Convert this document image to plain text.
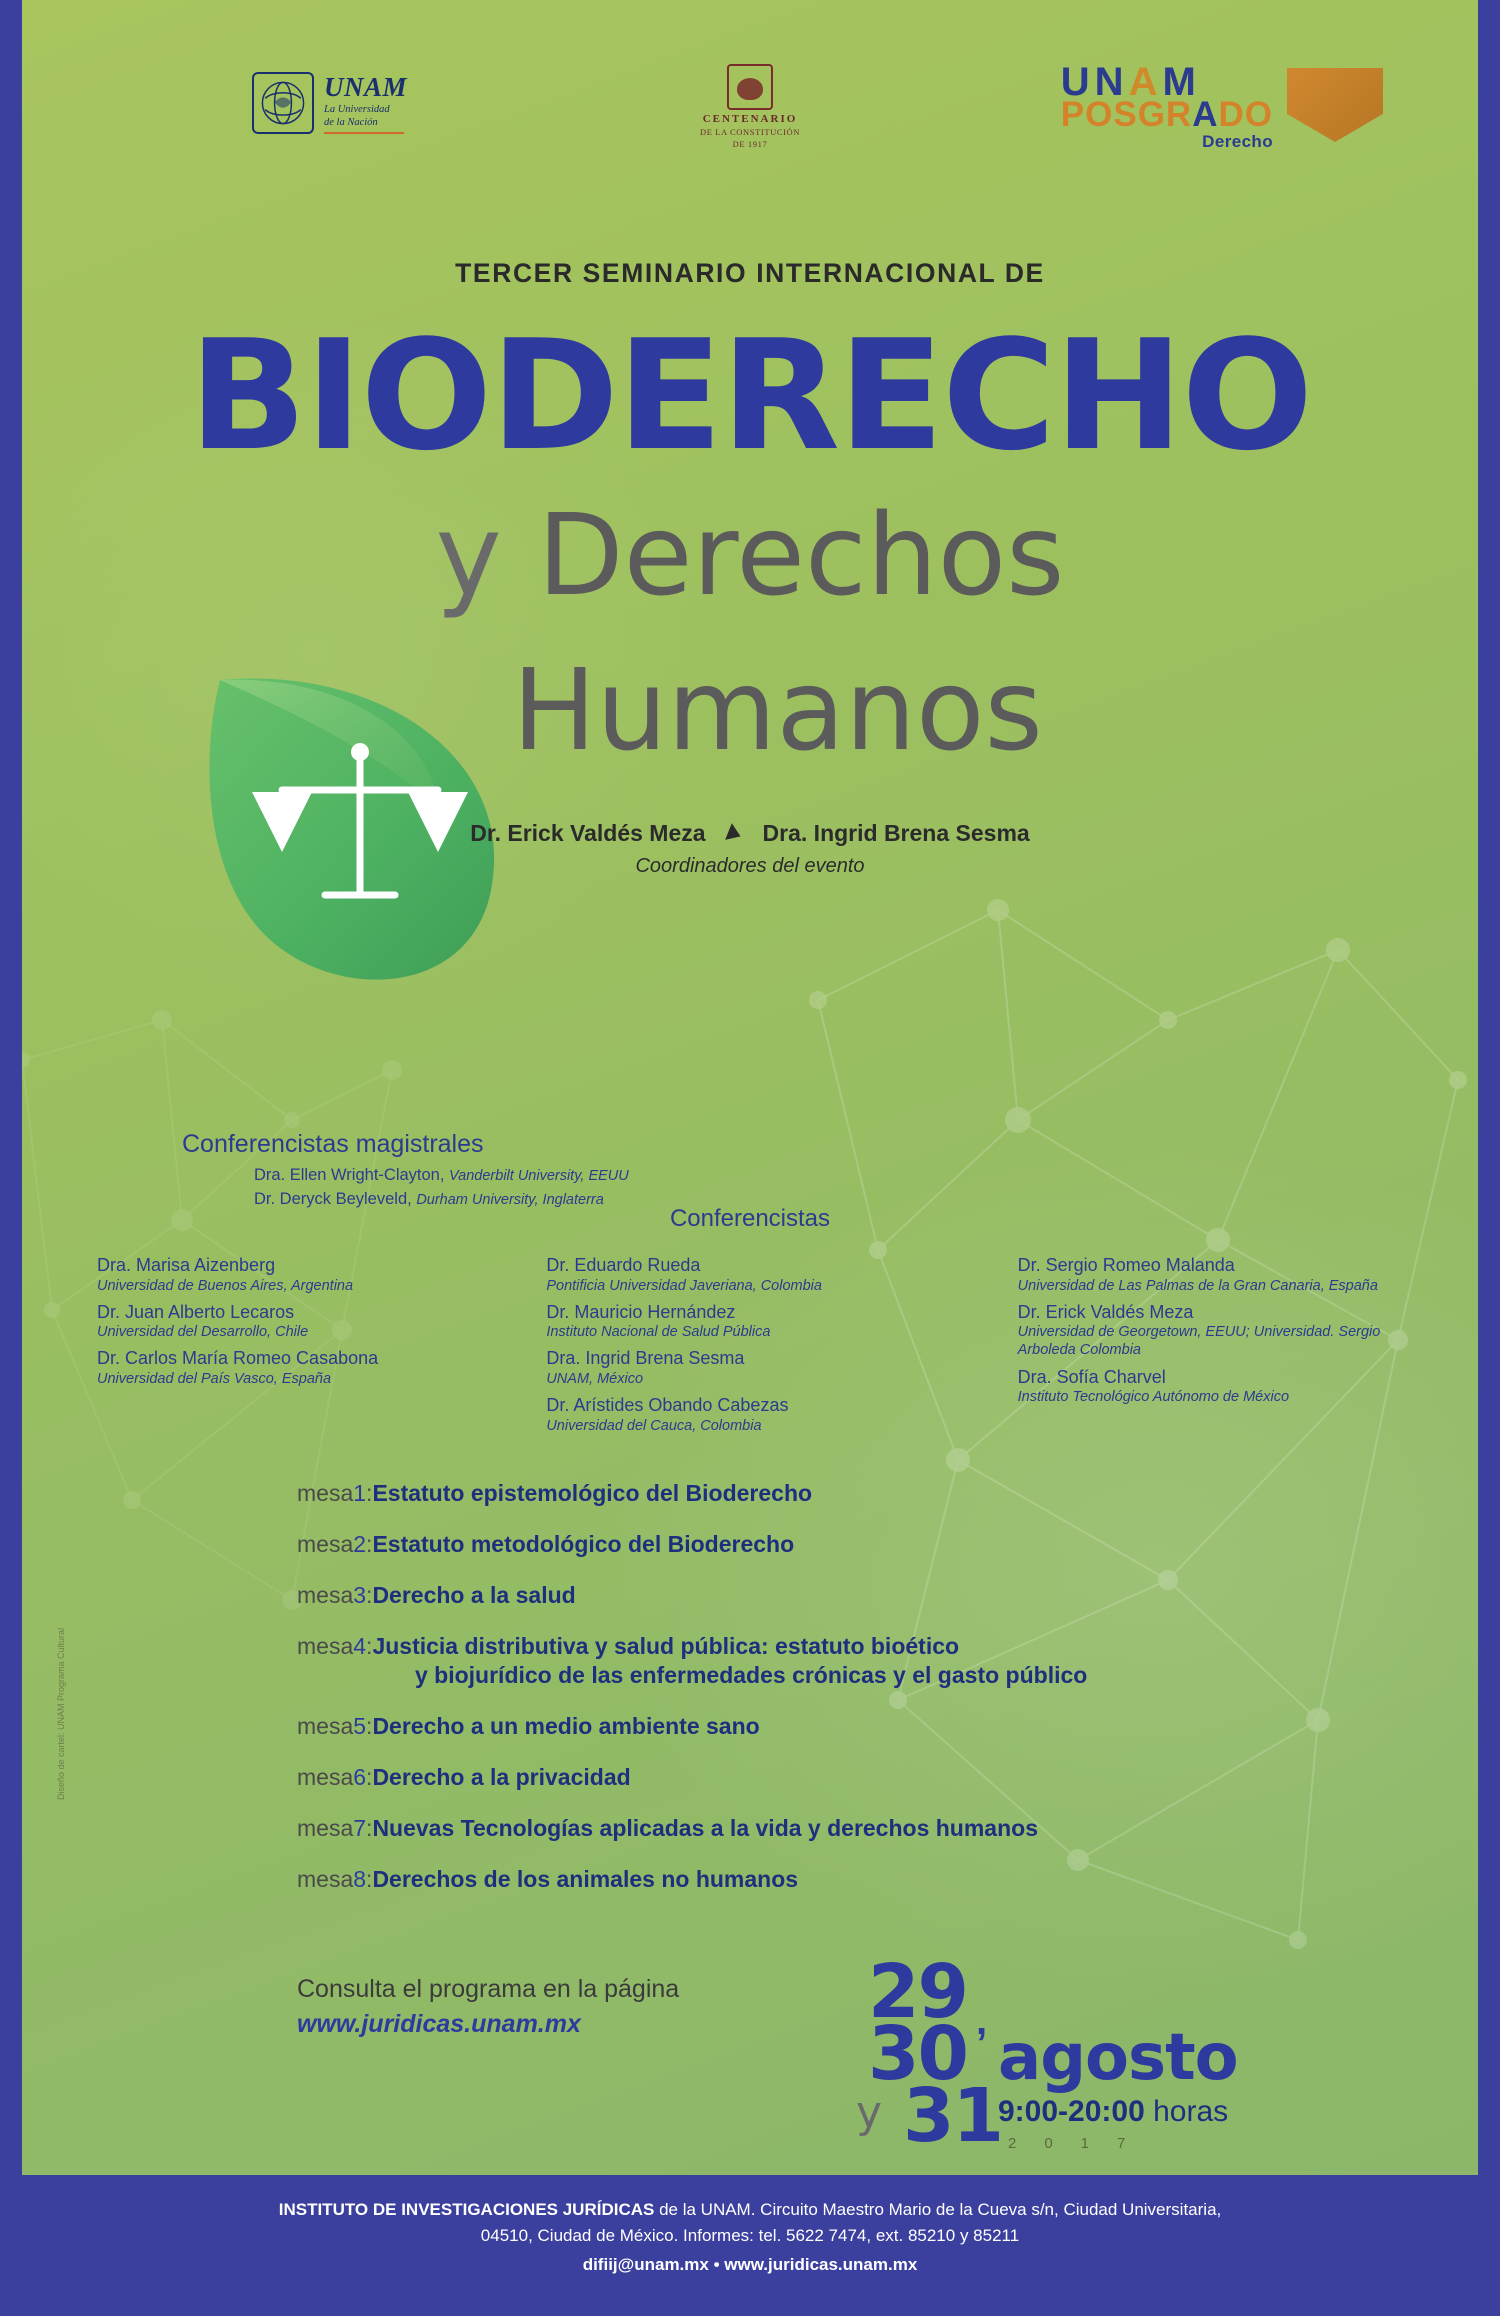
UNAM
La Universidad
de la Nación	CENTENARIO
DE LA CONSTITUCIÓN
DE 1917
UNAM
POSGRADO
Derecho
TERCER SEMINARIO INTERNACIONAL DE
BIODERECHO
y Derechos
Humanos
Dr. Erick Valdés Meza Dra. Ingrid Brena Sesma
Coordinadores del evento
Conferencistas magistrales
Dra. Ellen Wright-Clayton, Vanderbilt University, EEUU
Dr. Deryck Beyleveld, Durham University, Inglaterra
Conferencistas
Dra. Marisa Aizenberg
Universidad de Buenos Aires, Argentina
Dr. Juan Alberto Lecaros
Universidad del Desarrollo, Chile
Dr. Carlos María Romeo Casabona
Universidad del País Vasco, España
Dr. Eduardo Rueda
Pontificia Universidad Javeriana, Colombia
Dr. Mauricio Hernández
Instituto Nacional de Salud Pública
Dra. Ingrid Brena Sesma
UNAM, México
Dr. Arístides Obando Cabezas
Universidad del Cauca, Colombia
Dr. Sergio Romeo Malanda
Universidad de Las Palmas de la Gran Canaria, España
Dr. Erick Valdés Meza
Universidad de Georgetown, EEUU; Universidad. Sergio Arboleda Colombia
Dra. Sofía Charvel
Instituto Tecnológico Autónomo de México
mesa 1: Estatuto epistemológico del Bioderecho
mesa 2: Estatuto metodológico del Bioderecho
mesa 3: Derecho a la salud
mesa 4: Justicia distributiva y salud pública: estatuto bioético
y biojurídico de las enfermedades crónicas y el gasto público
mesa 5: Derecho a un medio ambiente sano
mesa 6: Derecho a la privacidad
mesa 7: Nuevas Tecnologías aplicadas a la vida y derechos humanos
mesa 8: Derechos de los animales no humanos
Consulta el programa en la página
www.juridicas.unam.mx	29 ,
30
y 31
agosto
9:00-20:00 horas
2017
Diseño de cartel: UNAM Programa Cultural
INSTITUTO DE INVESTIGACIONES JURÍDICAS de la UNAM. Circuito Maestro Mario de la Cueva s/n, Ciudad Universitaria,
04510, Ciudad de México. Informes: tel. 5622 7474, ext. 85210 y 85211
difiij@unam.mx • www.juridicas.unam.mx
